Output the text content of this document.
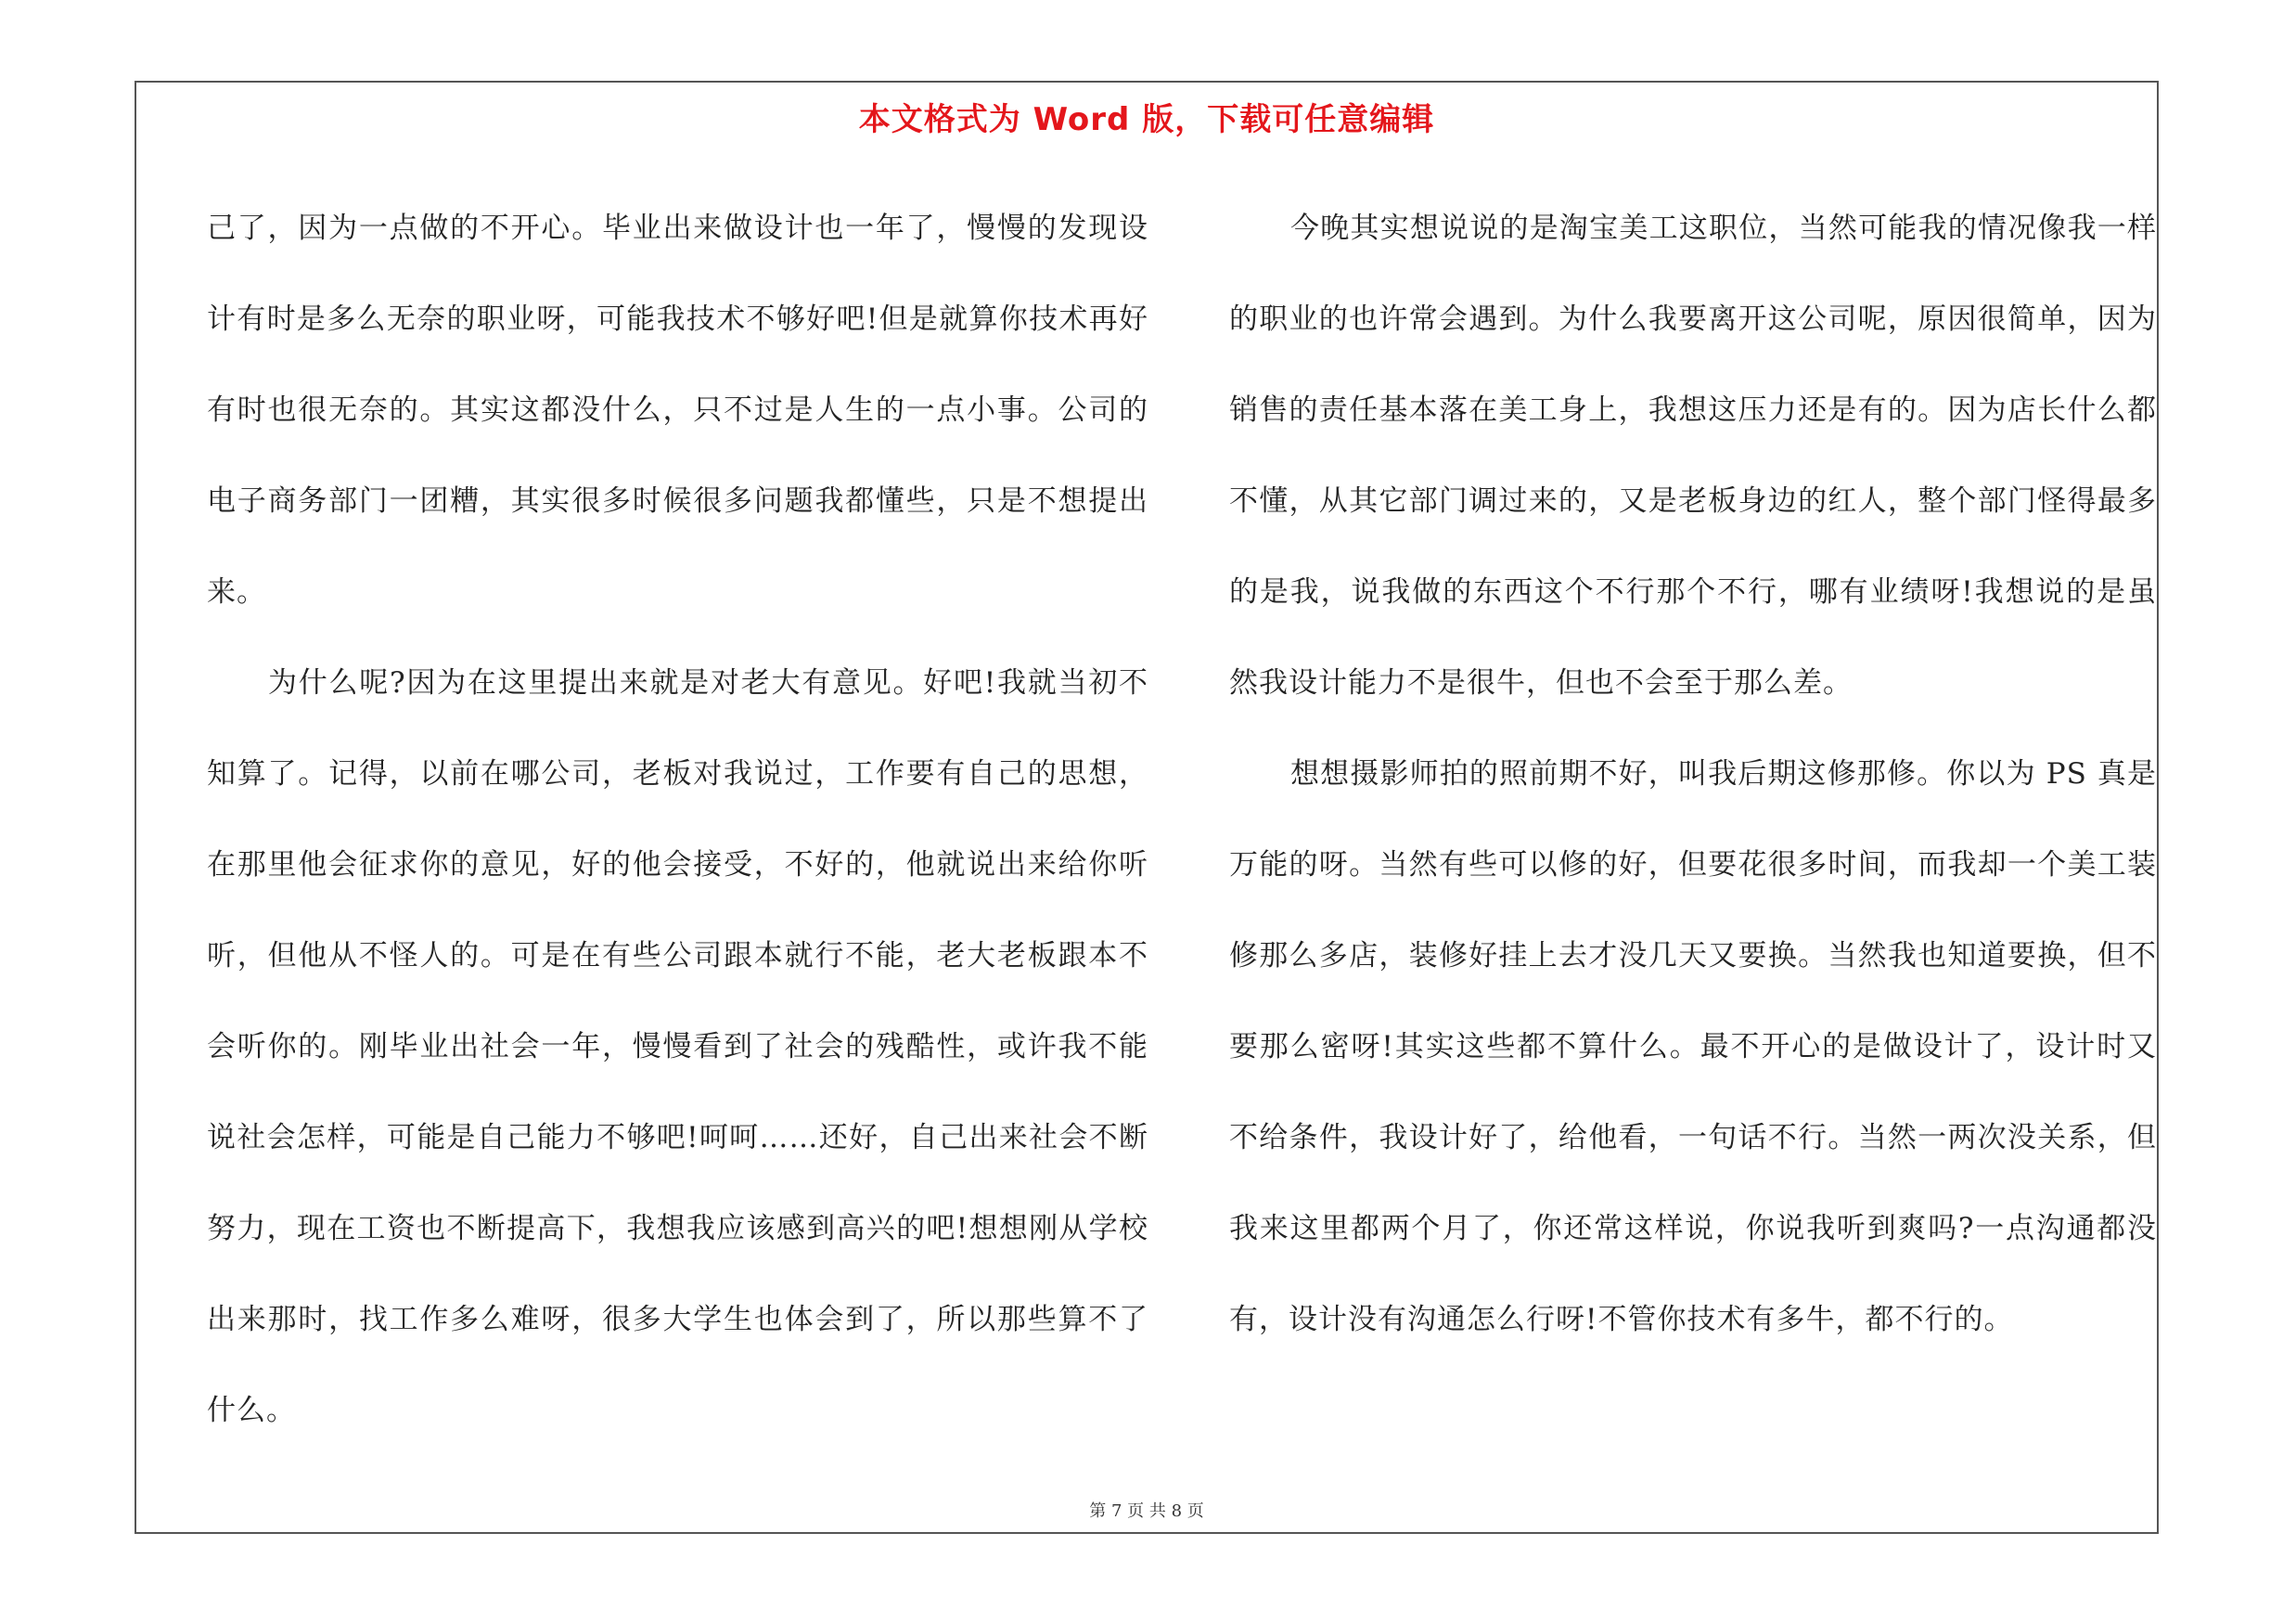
本文格式为 Word 版，下载可任意编辑

己了，因为一点做的不开心。毕业出来做设计也一年了，慢慢的发现设计有时是多么无奈的职业呀，可能我技术不够好吧!但是就算你技术再好有时也很无奈的。其实这都没什么，只不过是人生的一点小事。公司的电子商务部门一团糟，其实很多时候很多问题我都懂些，只是不想提出来。

为什么呢?因为在这里提出来就是对老大有意见。好吧!我就当初不知算了。记得，以前在哪公司，老板对我说过，工作要有自己的思想，在那里他会征求你的意见，好的他会接受，不好的，他就说出来给你听听，但他从不怪人的。可是在有些公司跟本就行不能，老大老板跟本不会听你的。刚毕业出社会一年，慢慢看到了社会的残酷性，或许我不能说社会怎样，可能是自己能力不够吧!呵呵……还好，自己出来社会不断努力，现在工资也不断提高下，我想我应该感到高兴的吧!想想刚从学校出来那时，找工作多么难呀，很多大学生也体会到了，所以那些算不了什么。

今晚其实想说说的是淘宝美工这职位，当然可能我的情况像我一样的职业的也许常会遇到。为什么我要离开这公司呢，原因很简单，因为销售的责任基本落在美工身上，我想这压力还是有的。因为店长什么都不懂，从其它部门调过来的，又是老板身边的红人，整个部门怪得最多的是我，说我做的东西这个不行那个不行，哪有业绩呀!我想说的是虽然我设计能力不是很牛，但也不会至于那么差。

想想摄影师拍的照前期不好，叫我后期这修那修。你以为 PS 真是万能的呀。当然有些可以修的好，但要花很多时间，而我却一个美工装修那么多店，装修好挂上去才没几天又要换。当然我也知道要换，但不要那么密呀!其实这些都不算什么。最不开心的是做设计了，设计时又不给条件，我设计好了，给他看，一句话不行。当然一两次没关系，但我来这里都两个月了，你还常这样说，你说我听到爽吗?一点沟通都没有，设计没有沟通怎么行呀!不管你技术有多牛，都不行的。

第 7 页 共 8 页
